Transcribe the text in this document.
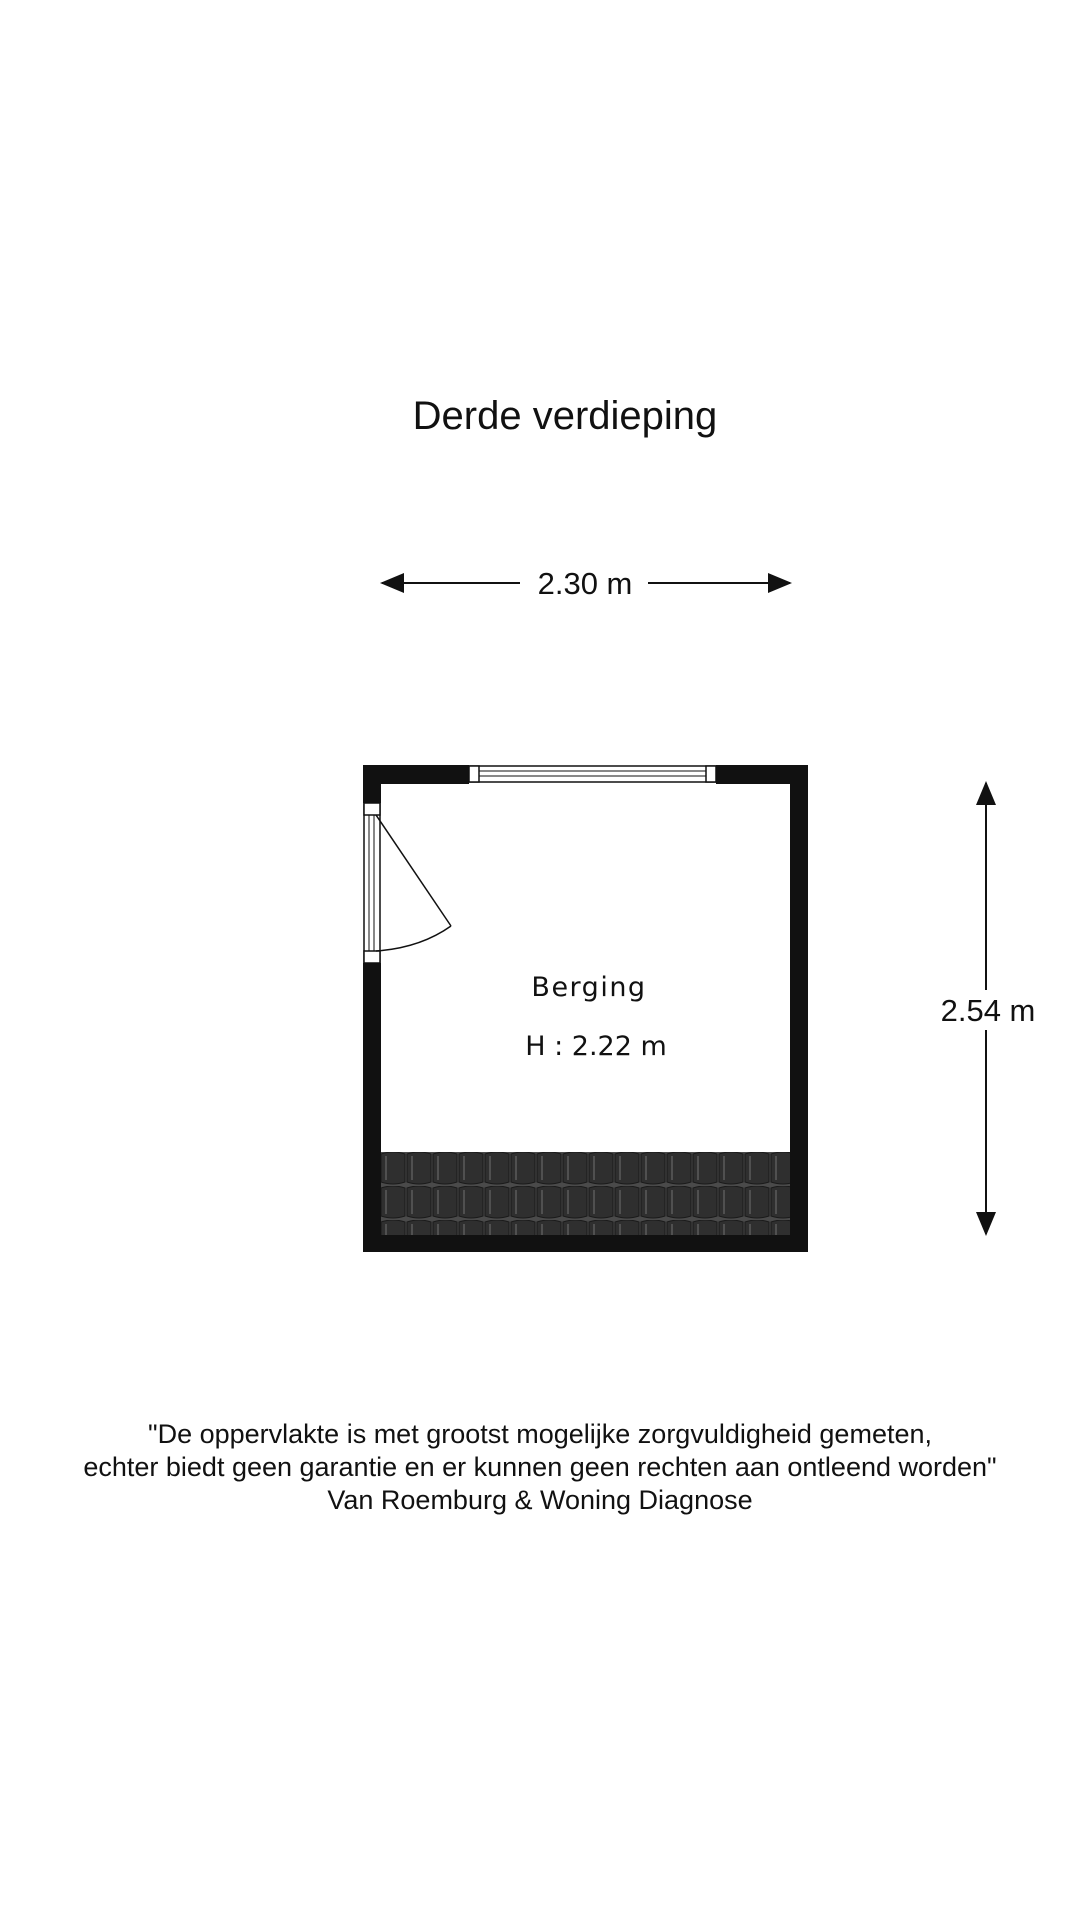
Derde verdieping
2.30 m
2.54 m
Berging
H : 2.22 m
"De oppervlakte is met grootst mogelijke zorgvuldigheid gemeten,
echter biedt geen garantie en er kunnen geen rechten aan ontleend worden"
Van Roemburg & Woning Diagnose
